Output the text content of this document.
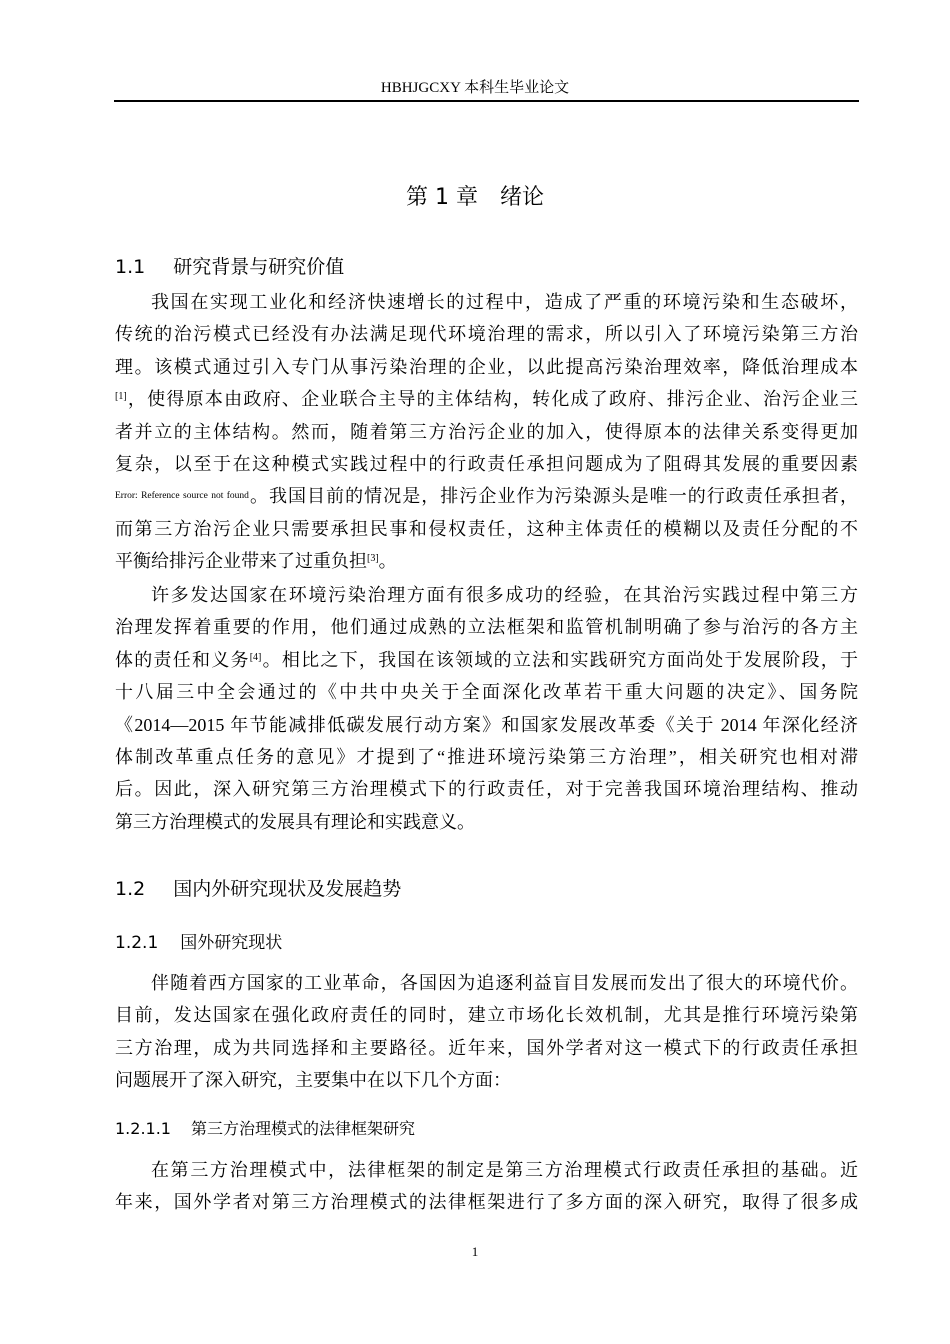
HBHJGCXY 本科生毕业论文
第 1 章　绪论
1.1 研究背景与研究价值
我国在实现工业化和经济快速增长的过程中，造成了严重的环境污染和生态破坏，
传统的治污模式已经没有办法满足现代环境治理的需求，所以引入了环境污染第三方治
理。该模式通过引入专门从事污染治理的企业，以此提高污染治理效率，降低治理成本
[1]，使得原本由政府、企业联合主导的主体结构，转化成了政府、排污企业、治污企业三
者并立的主体结构。然而，随着第三方治污企业的加入，使得原本的法律关系变得更加
复杂，以至于在这种模式实践过程中的行政责任承担问题成为了阻碍其发展的重要因素
$^{Error: Reference source not found}$。我国目前的情况是，排污企业作为污染源头是唯一的行政责任承担者，
而第三方治污企业只需要承担民事和侵权责任，这种主体责任的模糊以及责任分配的不
平衡给排污企业带来了过重负担[3]。
许多发达国家在环境污染治理方面有很多成功的经验，在其治污实践过程中第三方
治理发挥着重要的作用，他们通过成熟的立法框架和监管机制明确了参与治污的各方主
体的责任和义务[4]。相比之下，我国在该领域的立法和实践研究方面尚处于发展阶段，于
十八届三中全会通过的《中共中央关于全面深化改革若干重大问题的决定》、国务院
《2014—2015 年节能减排低碳发展行动方案》和国家发展改革委《关于 2014 年深化经济
体制改革重点任务的意见》才提到了“推进环境污染第三方治理”，相关研究也相对滞
后。因此，深入研究第三方治理模式下的行政责任，对于完善我国环境治理结构、推动
第三方治理模式的发展具有理论和实践意义。
1.2 国内外研究现状及发展趋势
1.2.1 国外研究现状
伴随着西方国家的工业革命，各国因为追逐利益盲目发展而发出了很大的环境代价。
目前，发达国家在强化政府责任的同时，建立市场化长效机制，尤其是推行环境污染第
三方治理，成为共同选择和主要路径。近年来，国外学者对这一模式下的行政责任承担
问题展开了深入研究，主要集中在以下几个方面：
1.2.1.1 第三方治理模式的法律框架研究
在第三方治理模式中，法律框架的制定是第三方治理模式行政责任承担的基础。近
年来，国外学者对第三方治理模式的法律框架进行了多方面的深入研究，取得了很多成
1
